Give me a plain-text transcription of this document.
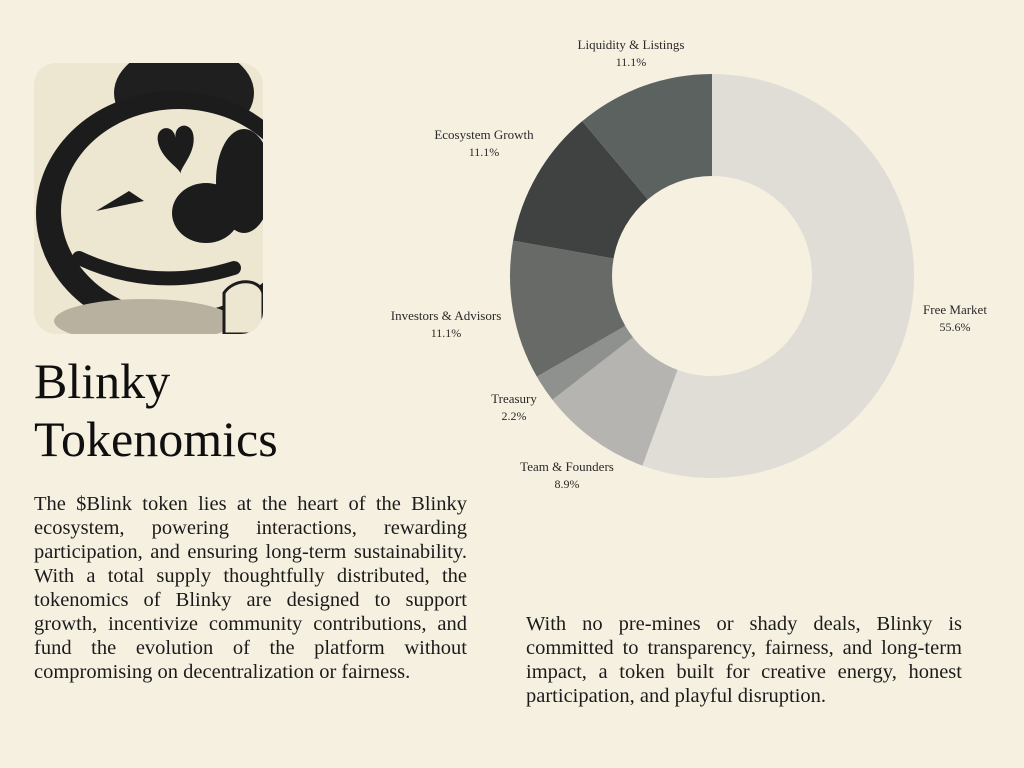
Blinky
Tokenomics

The $Blink token lies at the heart of the Blinky ecosystem, powering interactions, rewarding participation, and ensuring long-term sustainability. With a total supply thoughtfully distributed, the tokenomics of Blinky are designed to support growth, incentivize community contributions, and fund the evolution of the platform without compromising on decentralization or fairness.

With no pre-mines or shady deals, Blinky is committed to transparency, fairness, and long-term impact, a token built for creative energy, honest participation, and playful disruption.

Free Market
55.6%
Team & Founders
8.9%
Treasury
2.2%
Investors & Advisors
11.1%
Ecosystem Growth
11.1%
Liquidity & Listings
11.1%
